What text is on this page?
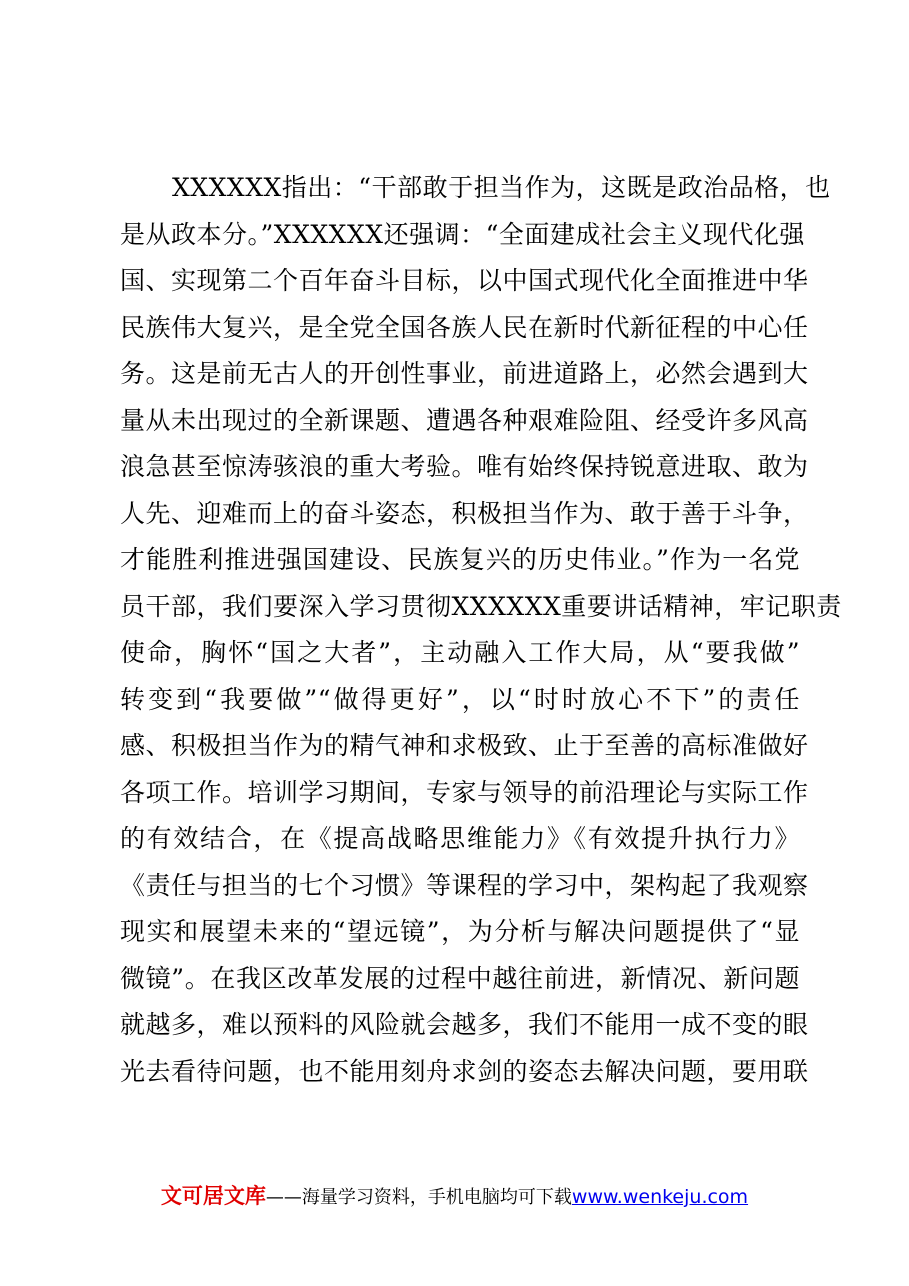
XXXXXX指出：“干部敢于担当作为，这既是政治品格，也
是从政本分。”XXXXXX还强调：“全面建成社会主义现代化强
国、实现第二个百年奋斗目标，以中国式现代化全面推进中华
民族伟大复兴，是全党全国各族人民在新时代新征程的中心任
务。这是前无古人的开创性事业，前进道路上，必然会遇到大
量从未出现过的全新课题、遭遇各种艰难险阻、经受许多风高
浪急甚至惊涛骇浪的重大考验。唯有始终保持锐意进取、敢为
人先、迎难而上的奋斗姿态，积极担当作为、敢于善于斗争，
才能胜利推进强国建设、民族复兴的历史伟业。”作为一名党
员干部，我们要深入学习贯彻XXXXXX重要讲话精神，牢记职责
使命，胸怀“国之大者”，主动融入工作大局，从“要我做”
转变到“我要做”“做得更好”，以“时时放心不下”的责任
感、积极担当作为的精气神和求极致、止于至善的高标准做好
各项工作。培训学习期间，专家与领导的前沿理论与实际工作
的有效结合，在《提高战略思维能力》《有效提升执行力》
《责任与担当的七个习惯》等课程的学习中，架构起了我观察
现实和展望未来的“望远镜”，为分析与解决问题提供了“显
微镜”。在我区改革发展的过程中越往前进，新情况、新问题
就越多，难以预料的风险就会越多，我们不能用一成不变的眼
光去看待问题，也不能用刻舟求剑的姿态去解决问题，要用联
文可居文库——海量学习资料，手机电脑均可下载www.wenkeju.com
